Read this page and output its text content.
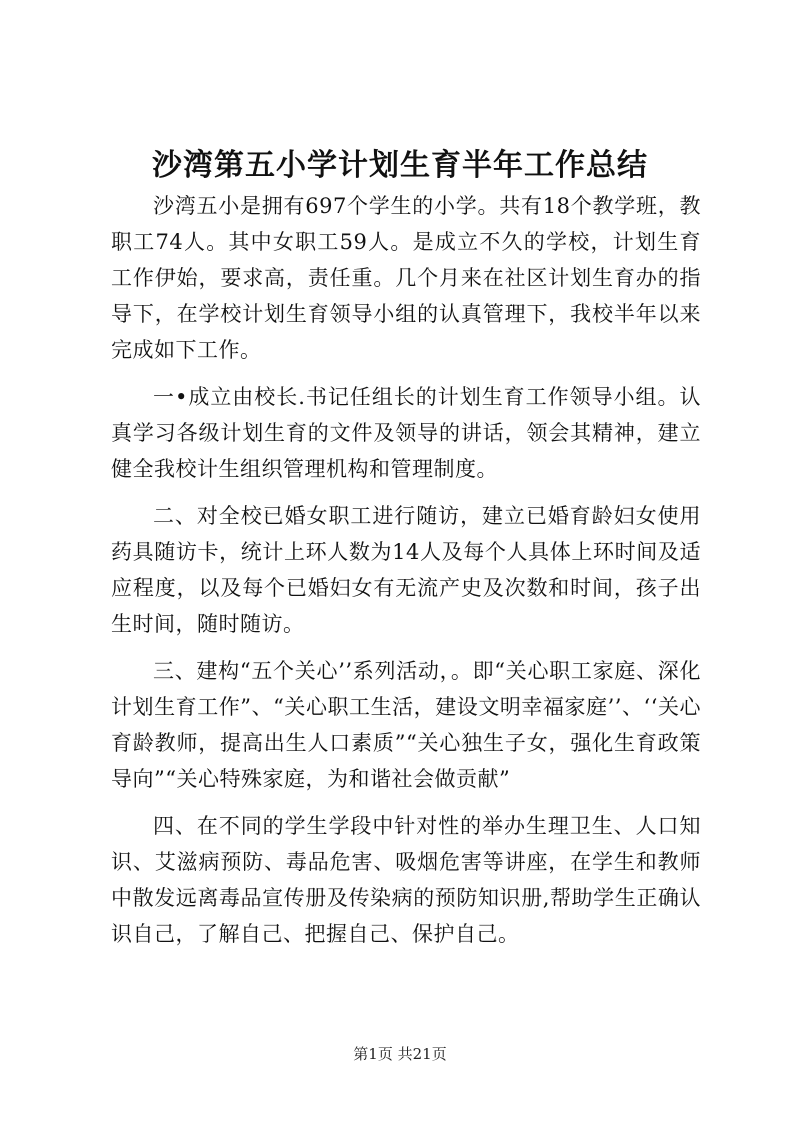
沙湾第五小学计划生育半年工作总结

沙湾五小是拥有697个学生的小学。共有18个教学班，教职工74人。其中女职工59人。是成立不久的学校，计划生育工作伊始，要求高，责任重。几个月来在社区计划生育办的指导下，在学校计划生育领导小组的认真管理下，我校半年以来完成如下工作。

一•成立由校长.书记任组长的计划生育工作领导小组。认真学习各级计划生育的文件及领导的讲话，领会其精神，建立健全我校计生组织管理机构和管理制度。

二、对全校已婚女职工进行随访，建立已婚育龄妇女使用药具随访卡，统计上环人数为14人及每个人具体上环时间及适应程度，以及每个已婚妇女有无流产史及次数和时间，孩子出生时间，随时随访。

三、建构“五个关心’’系列活动，。即“关心职工家庭、深化计划生育工作”、“关心职工生活，建设文明幸福家庭’’、‘‘关心育龄教师，提高出生人口素质”“关心独生子女，强化生育政策导向”“关心特殊家庭，为和谐社会做贡献”

四、在不同的学生学段中针对性的举办生理卫生、人口知识、艾滋病预防、毒品危害、吸烟危害等讲座，在学生和教师中散发远离毒品宣传册及传染病的预防知识册,帮助学生正确认识自己，了解自己、把握自己、保护自己。

第1页 共21页
